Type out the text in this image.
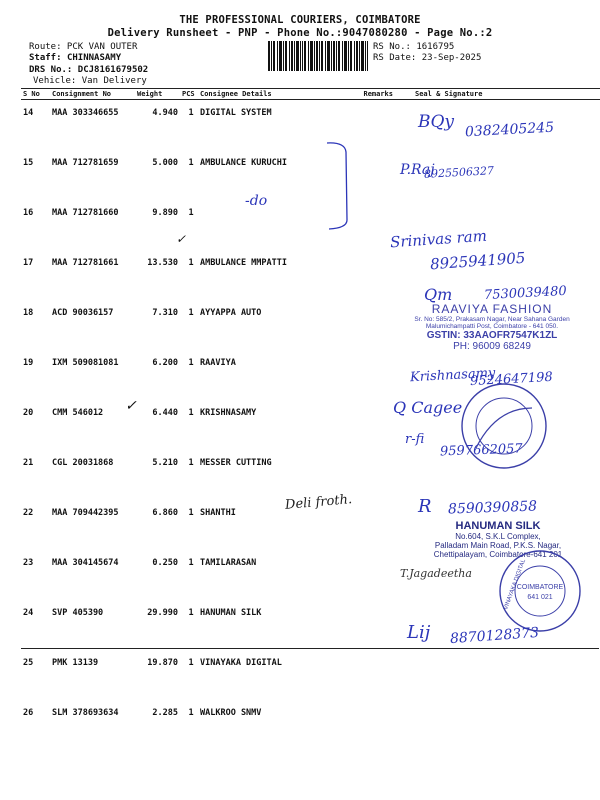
THE PROFESSIONAL COURIERS, COIMBATORE
Delivery Runsheet - PNP - Phone No.:9047080280 - Page No.:2
Route: PCK VAN OUTER
Staff: CHINNASAMY
DRS No.: DCJ8161679502
Vehicle: Van Delivery
RS No.: 1616795
RS Date: 23-Sep-2025
S No	Consignment No	Weight	PCS	Consignee Details	Remarks	Seal & Signature
14	MAA 303346655	4.940	1	DIGITAL SYSTEM		
15	MAA 712781659	5.000	1	AMBULANCE KURUCHI		
16	MAA 712781660	9.890	1			
17	MAA 712781661	13.530	1	AMBULANCE MMPATTI		
18	ACD 90036157	7.310	1	AYYAPPA AUTO		
19	IXM 509081081	6.200	1	RAAVIYA		
20	CMM 546012	6.440	1	KRISHNASAMY		
21	CGL 20031868	5.210	1	MESSER CUTTING		
22	MAA 709442395	6.860	1	SHANTHI		
23	MAA 304145674	0.250	1	TAMILARASAN		
24	SVP 405390	29.990	1	HANUMAN SILK		
25	PMK 13139	19.870	1	VINAYAKA DIGITAL		
26	SLM 378693634	2.285	1	WALKROO SNMV		
-do
✓
BQy 0382405245
P.Raj
8925506327
Srinivas ram
8925941905
Qm 7530039480
RAAVIYA FASHION
Sr. No: 585/2, Prakasam Nagar, Near Sahana Garden
Malumichampatti Post, Coimbatore - 641 050.
GSTIN: 33AAOFR7547K1ZL
PH: 96009 68249
Krishnasamy
9524647198
Q Cagee
✓
r-fi
9597662057
Deli froth.	R 8590390858
HANUMAN SILK
No.604, S.K.L Complex,
Palladam Main Road, P.K.S. Nagar,
Chettipalayam, Coimbatore-641 201
T.Jagadeetha
COIMBATORE
641 021
VINAYAKA DIGITAL
Lij 8870128373
